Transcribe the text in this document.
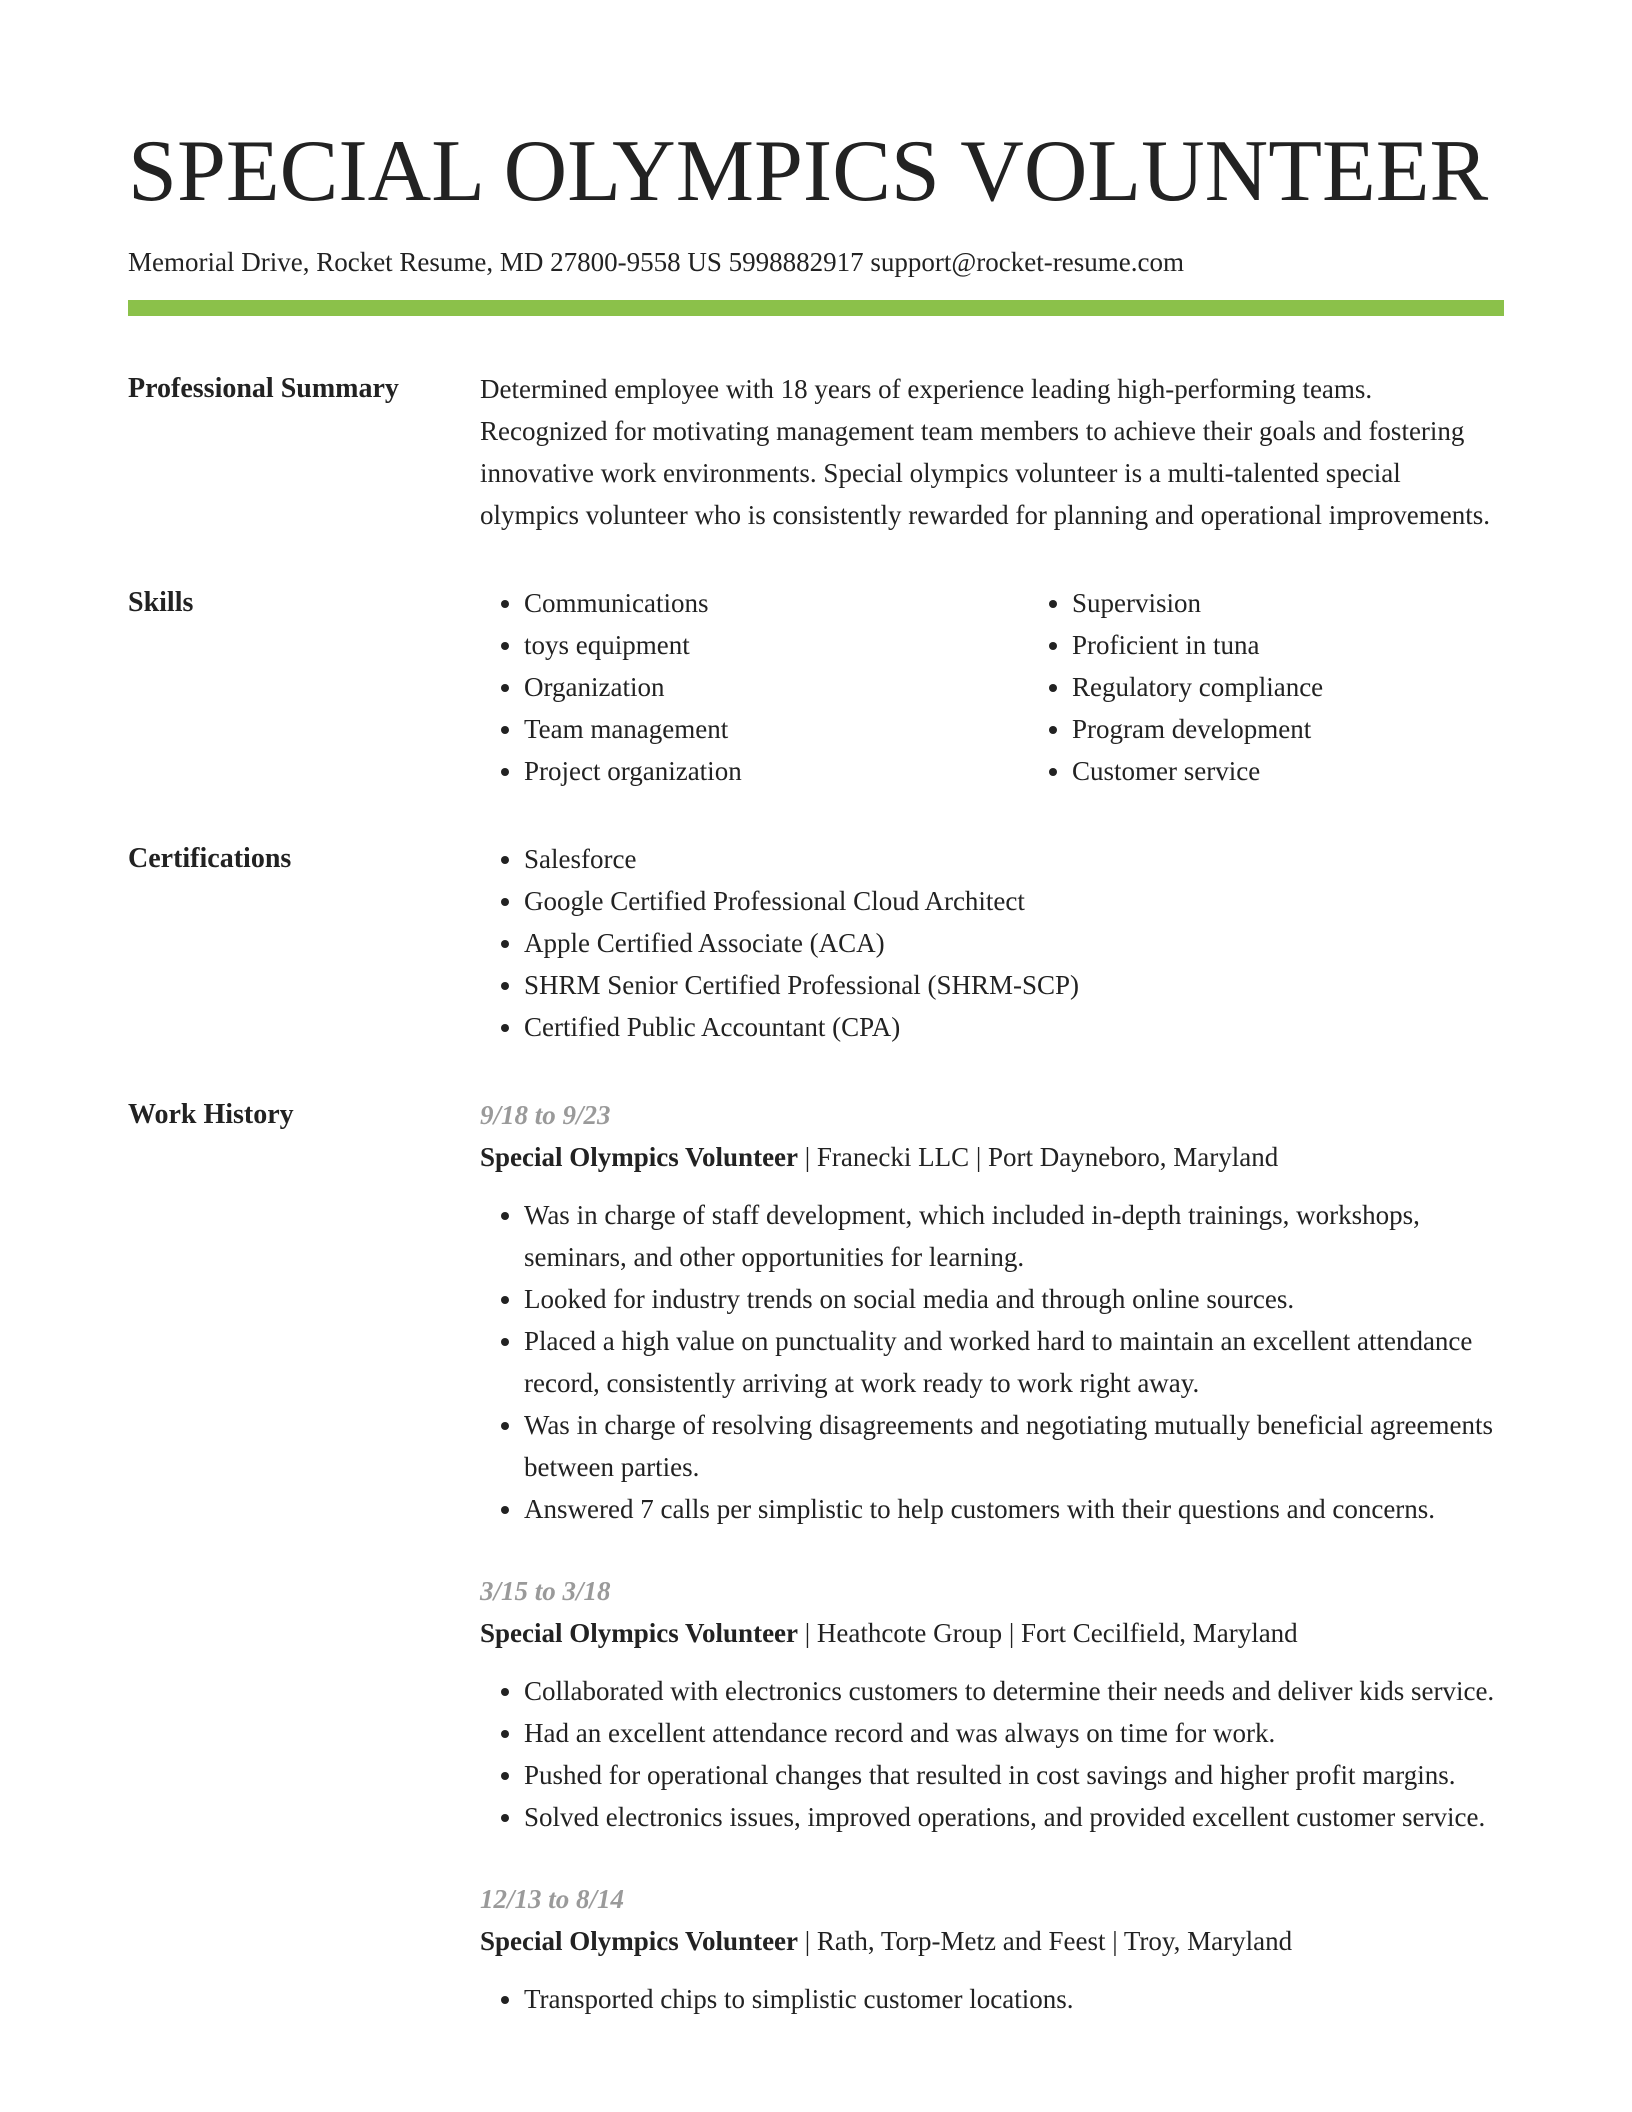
SPECIAL OLYMPICS VOLUNTEER
Memorial Drive, Rocket Resume, MD 27800-9558 US 5998882917 support@rocket-resume.com
Professional Summary	Determined employee with 18 years of experience leading high-performing teams. Recognized for motivating management team members to achieve their goals and fostering innovative work environments. Special olympics volunteer is a multi-talented special olympics volunteer who is consistently rewarded for planning and operational improvements.

Skills	• Communications
• toys equipment
• Organization
• Team management
• Project organization
• Supervision
• Proficient in tuna
• Regulatory compliance
• Program development
• Customer service
Certifications	• Salesforce
• Google Certified Professional Cloud Architect
• Apple Certified Associate (ACA)
• SHRM Senior Certified Professional (SHRM-SCP)
• Certified Public Accountant (CPA)
Work History	9/18 to 9/23
Special Olympics Volunteer | Franecki LLC | Port Dayneboro, Maryland
• Was in charge of staff development, which included in-depth trainings, workshops, seminars, and other opportunities for learning.
• Looked for industry trends on social media and through online sources.
• Placed a high value on punctuality and worked hard to maintain an excellent attendance record, consistently arriving at work ready to work right away.
• Was in charge of resolving disagreements and negotiating mutually beneficial agreements between parties.
• Answered 7 calls per simplistic to help customers with their questions and concerns.
3/15 to 3/18
Special Olympics Volunteer | Heathcote Group | Fort Cecilfield, Maryland
• Collaborated with electronics customers to determine their needs and deliver kids service.
• Had an excellent attendance record and was always on time for work.
• Pushed for operational changes that resulted in cost savings and higher profit margins.
• Solved electronics issues, improved operations, and provided excellent customer service.
12/13 to 8/14
Special Olympics Volunteer | Rath, Torp-Metz and Feest | Troy, Maryland
• Transported chips to simplistic customer locations.
